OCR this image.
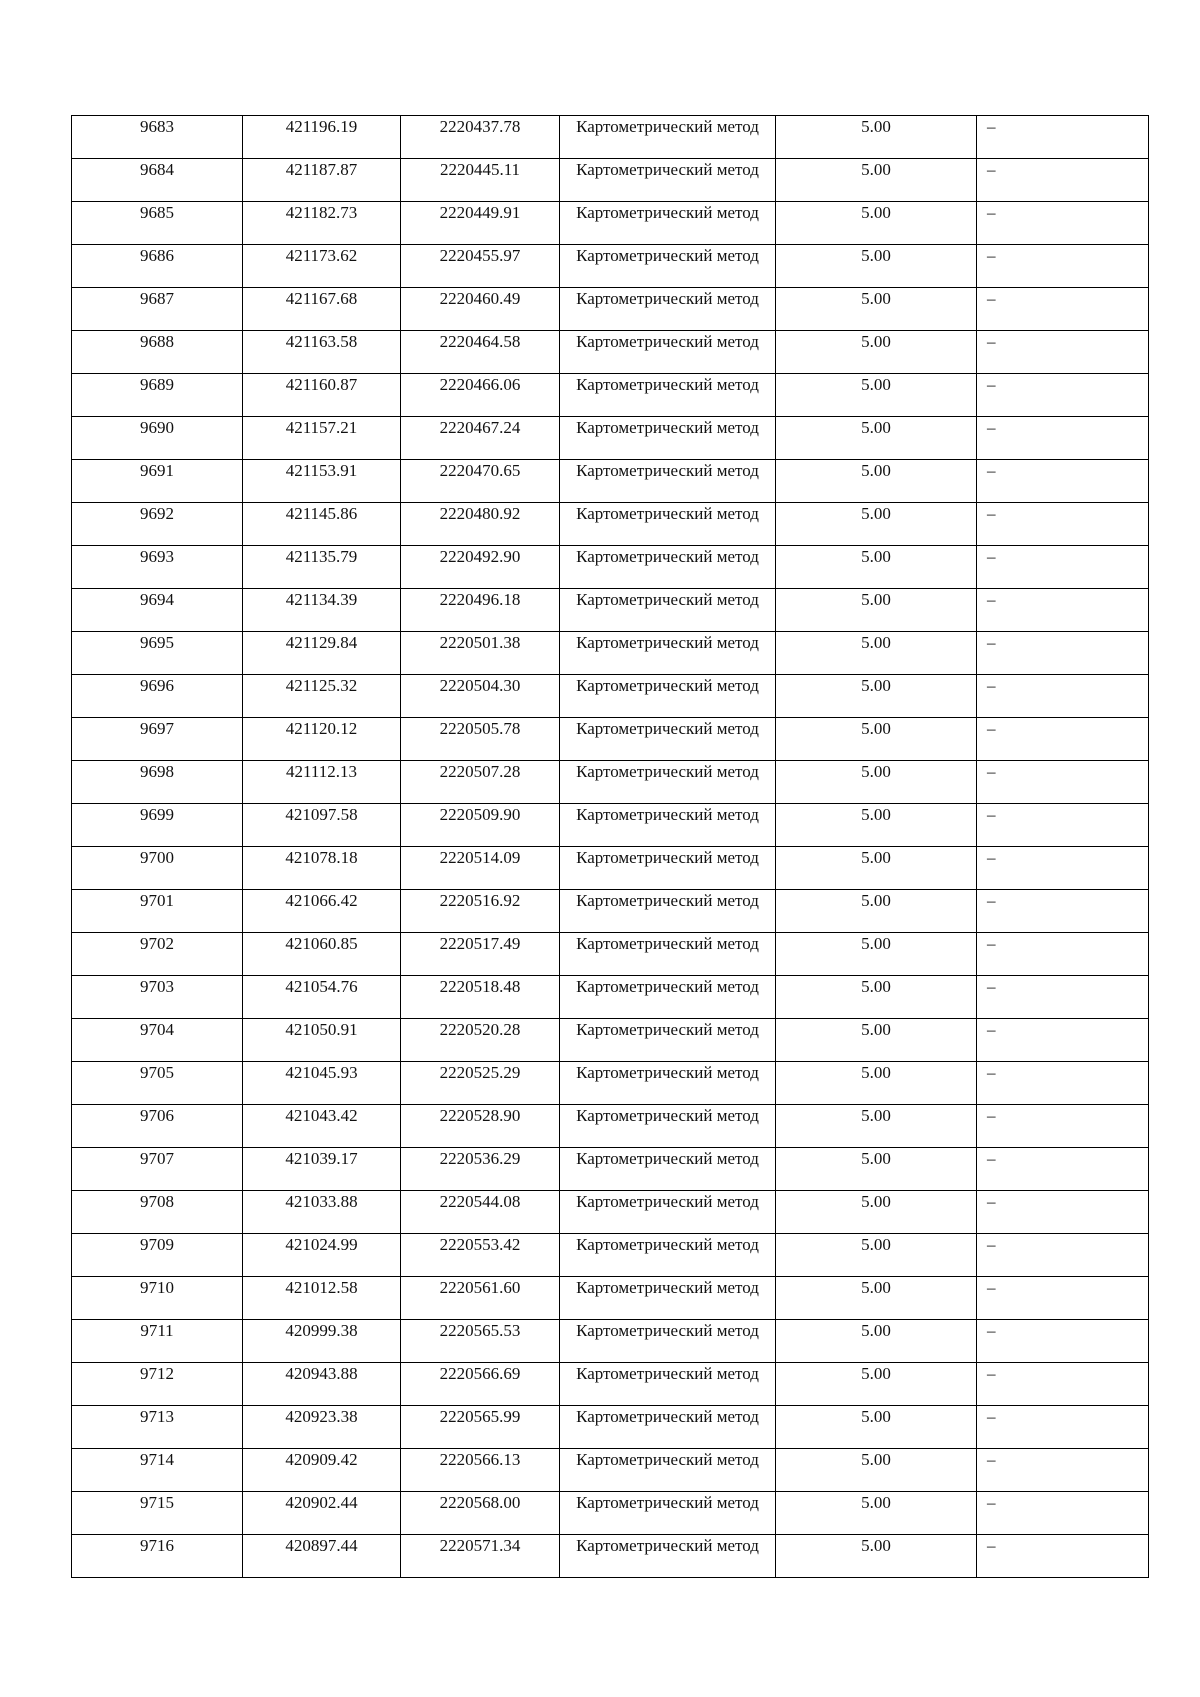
9683	421196.19	2220437.78	Картометрический метод	5.00	–

9684	421187.87	2220445.11	Картометрический метод	5.00	–

9685	421182.73	2220449.91	Картометрический метод	5.00	–

9686	421173.62	2220455.97	Картометрический метод	5.00	–

9687	421167.68	2220460.49	Картометрический метод	5.00	–

9688	421163.58	2220464.58	Картометрический метод	5.00	–

9689	421160.87	2220466.06	Картометрический метод	5.00	–

9690	421157.21	2220467.24	Картометрический метод	5.00	–

9691	421153.91	2220470.65	Картометрический метод	5.00	–

9692	421145.86	2220480.92	Картометрический метод	5.00	–

9693	421135.79	2220492.90	Картометрический метод	5.00	–

9694	421134.39	2220496.18	Картометрический метод	5.00	–

9695	421129.84	2220501.38	Картометрический метод	5.00	–

9696	421125.32	2220504.30	Картометрический метод	5.00	–

9697	421120.12	2220505.78	Картометрический метод	5.00	–

9698	421112.13	2220507.28	Картометрический метод	5.00	–

9699	421097.58	2220509.90	Картометрический метод	5.00	–

9700	421078.18	2220514.09	Картометрический метод	5.00	–

9701	421066.42	2220516.92	Картометрический метод	5.00	–

9702	421060.85	2220517.49	Картометрический метод	5.00	–

9703	421054.76	2220518.48	Картометрический метод	5.00	–

9704	421050.91	2220520.28	Картометрический метод	5.00	–

9705	421045.93	2220525.29	Картометрический метод	5.00	–

9706	421043.42	2220528.90	Картометрический метод	5.00	–

9707	421039.17	2220536.29	Картометрический метод	5.00	–

9708	421033.88	2220544.08	Картометрический метод	5.00	–

9709	421024.99	2220553.42	Картометрический метод	5.00	–

9710	421012.58	2220561.60	Картометрический метод	5.00	–

9711	420999.38	2220565.53	Картометрический метод	5.00	–

9712	420943.88	2220566.69	Картометрический метод	5.00	–

9713	420923.38	2220565.99	Картометрический метод	5.00	–

9714	420909.42	2220566.13	Картометрический метод	5.00	–

9715	420902.44	2220568.00	Картометрический метод	5.00	–

9716	420897.44	2220571.34	Картометрический метод	5.00	–
